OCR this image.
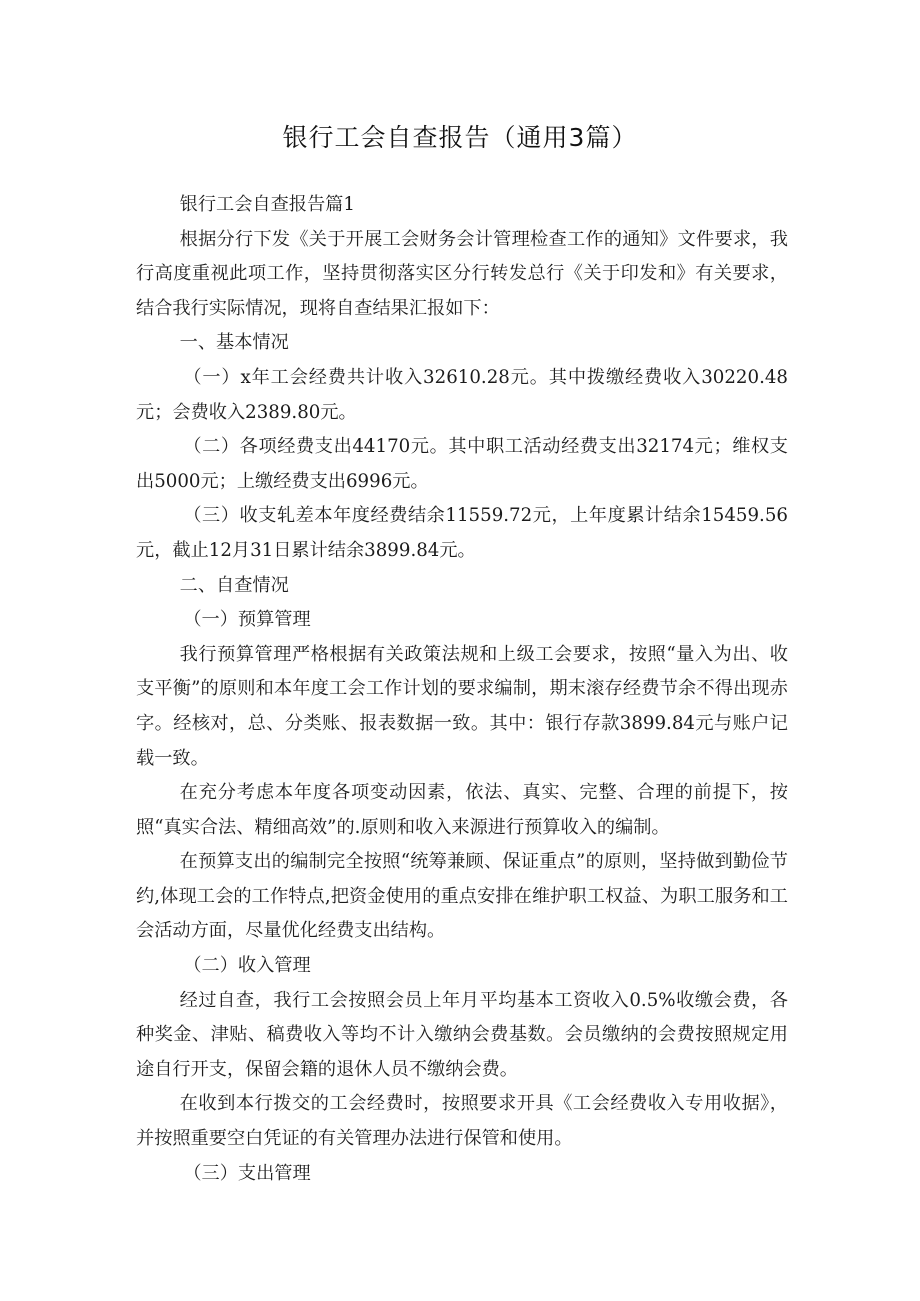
银行工会自查报告（通用3篇）

银行工会自查报告篇1

根据分行下发《关于开展工会财务会计管理检查工作的通知》文件要求，我行高度重视此项工作，坚持贯彻落实区分行转发总行《关于印发和》有关要求，结合我行实际情况，现将自查结果汇报如下：

一、基本情况

（一）x年工会经费共计收入32610.28元。其中拨缴经费收入30220.48元；会费收入2389.80元。

（二）各项经费支出44170元。其中职工活动经费支出32174元；维权支出5000元；上缴经费支出6996元。

（三）收支轧差本年度经费结余11559.72元，上年度累计结余15459.56元，截止12月31日累计结余3899.84元。

二、自查情况

（一）预算管理

我行预算管理严格根据有关政策法规和上级工会要求，按照“量入为出、收支平衡”的原则和本年度工会工作计划的要求编制，期末滚存经费节余不得出现赤字。经核对，总、分类账、报表数据一致。其中：银行存款3899.84元与账户记载一致。

在充分考虑本年度各项变动因素，依法、真实、完整、合理的前提下，按照“真实合法、精细高效”的.原则和收入来源进行预算收入的编制。

在预算支出的编制完全按照“统筹兼顾、保证重点”的原则，坚持做到勤俭节约,体现工会的工作特点,把资金使用的重点安排在维护职工权益、为职工服务和工会活动方面，尽量优化经费支出结构。

（二）收入管理

经过自查，我行工会按照会员上年月平均基本工资收入0.5%收缴会费，各种奖金、津贴、稿费收入等均不计入缴纳会费基数。会员缴纳的会费按照规定用途自行开支，保留会籍的退休人员不缴纳会费。

在收到本行拨交的工会经费时，按照要求开具《工会经费收入专用收据》，并按照重要空白凭证的有关管理办法进行保管和使用。

（三）支出管理
